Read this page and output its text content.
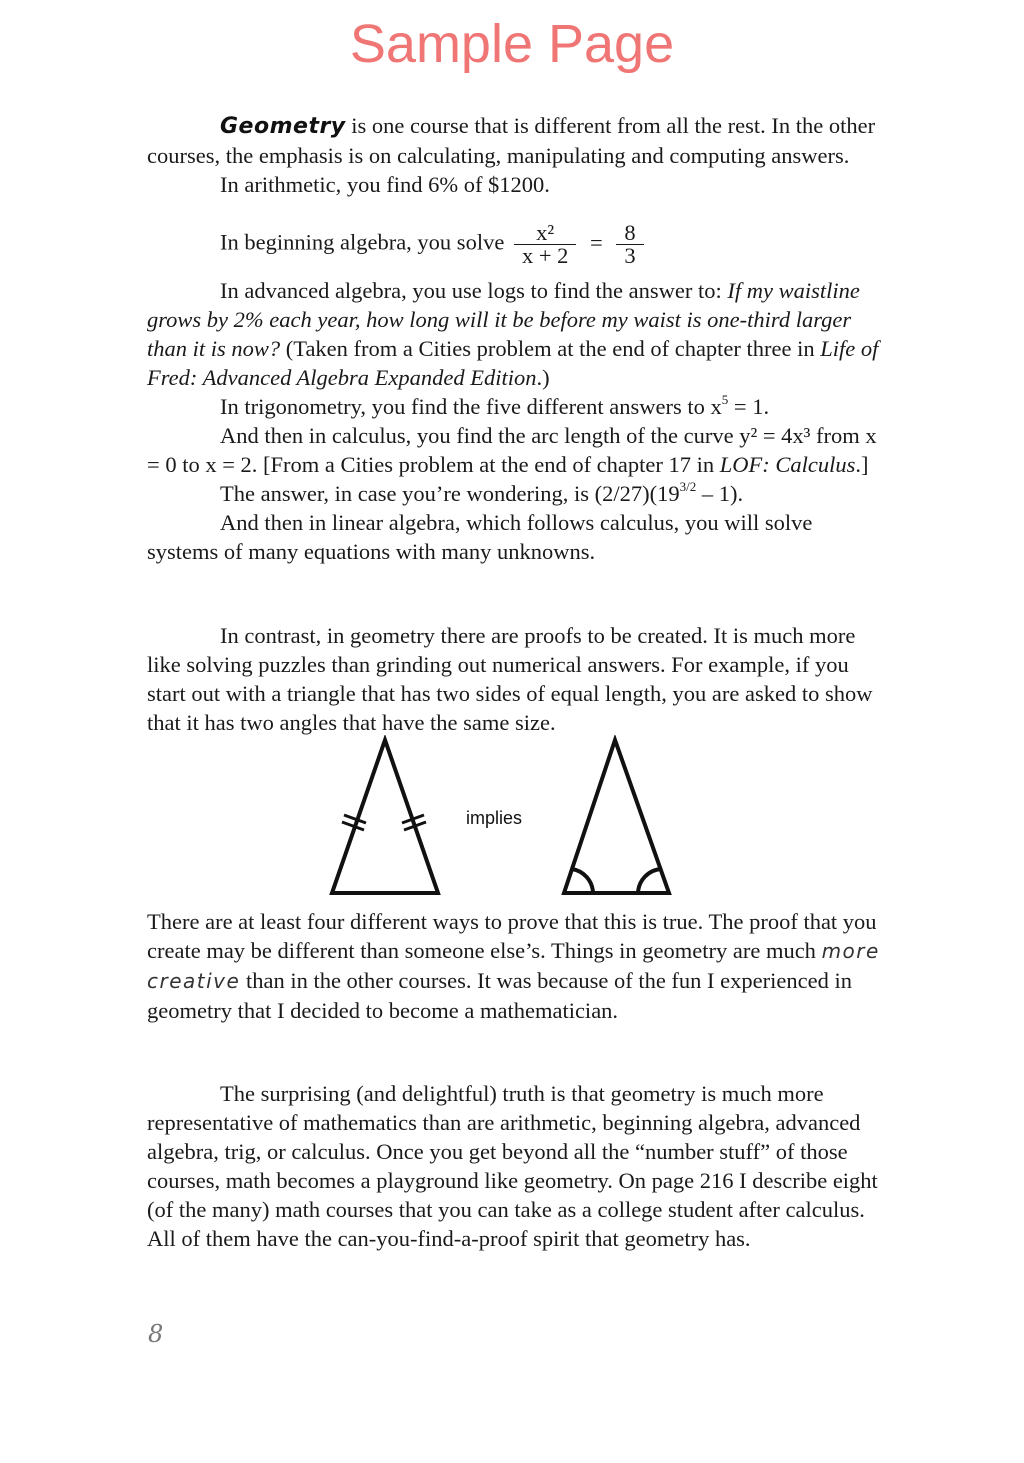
Sample Page

Geometry is one course that is different from all the rest. In the other courses, the emphasis is on calculating, manipulating and computing answers.

In arithmetic, you find 6% of $1200.

In beginning algebra, you solve $\frac{\text{x²}}{x + 2} = \frac{8}{3}$

In advanced algebra, you use logs to find the answer to: If my waistline grows by 2% each year, how long will it be before my waist is one-third larger than it is now? (Taken from a Cities problem at the end of chapter three in Life of Fred: Advanced Algebra Expanded Edition.)

In trigonometry, you find the five different answers to $x^5 = 1$.

And then in calculus, you find the arc length of the curve y² = 4x³ from x = 0 to x = 2. [From a Cities problem at the end of chapter 17 in LOF: Calculus.]

The answer, in case you’re wondering, is $(2/27)(19^{3/2} - 1)$.

And then in linear algebra, which follows calculus, you will solve systems of many equations with many unknowns.

In contrast, in geometry there are proofs to be created. It is much more like solving puzzles than grinding out numerical answers. For example, if you start out with a triangle that has two sides of equal length, you are asked to show that it has two angles that have the same size.

implies

There are at least four different ways to prove that this is true. The proof that you create may be different than someone else’s. Things in geometry are much more creative than in the other courses. It was because of the fun I experienced in geometry that I decided to become a mathematician.

The surprising (and delightful) truth is that geometry is much more representative of mathematics than are arithmetic, beginning algebra, advanced algebra, trig, or calculus. Once you get beyond all the “number stuff” of those courses, math becomes a playground like geometry. On page 216 I describe eight (of the many) math courses that you can take as a college student after calculus. All of them have the can-you-find-a-proof spirit that geometry has.

8
